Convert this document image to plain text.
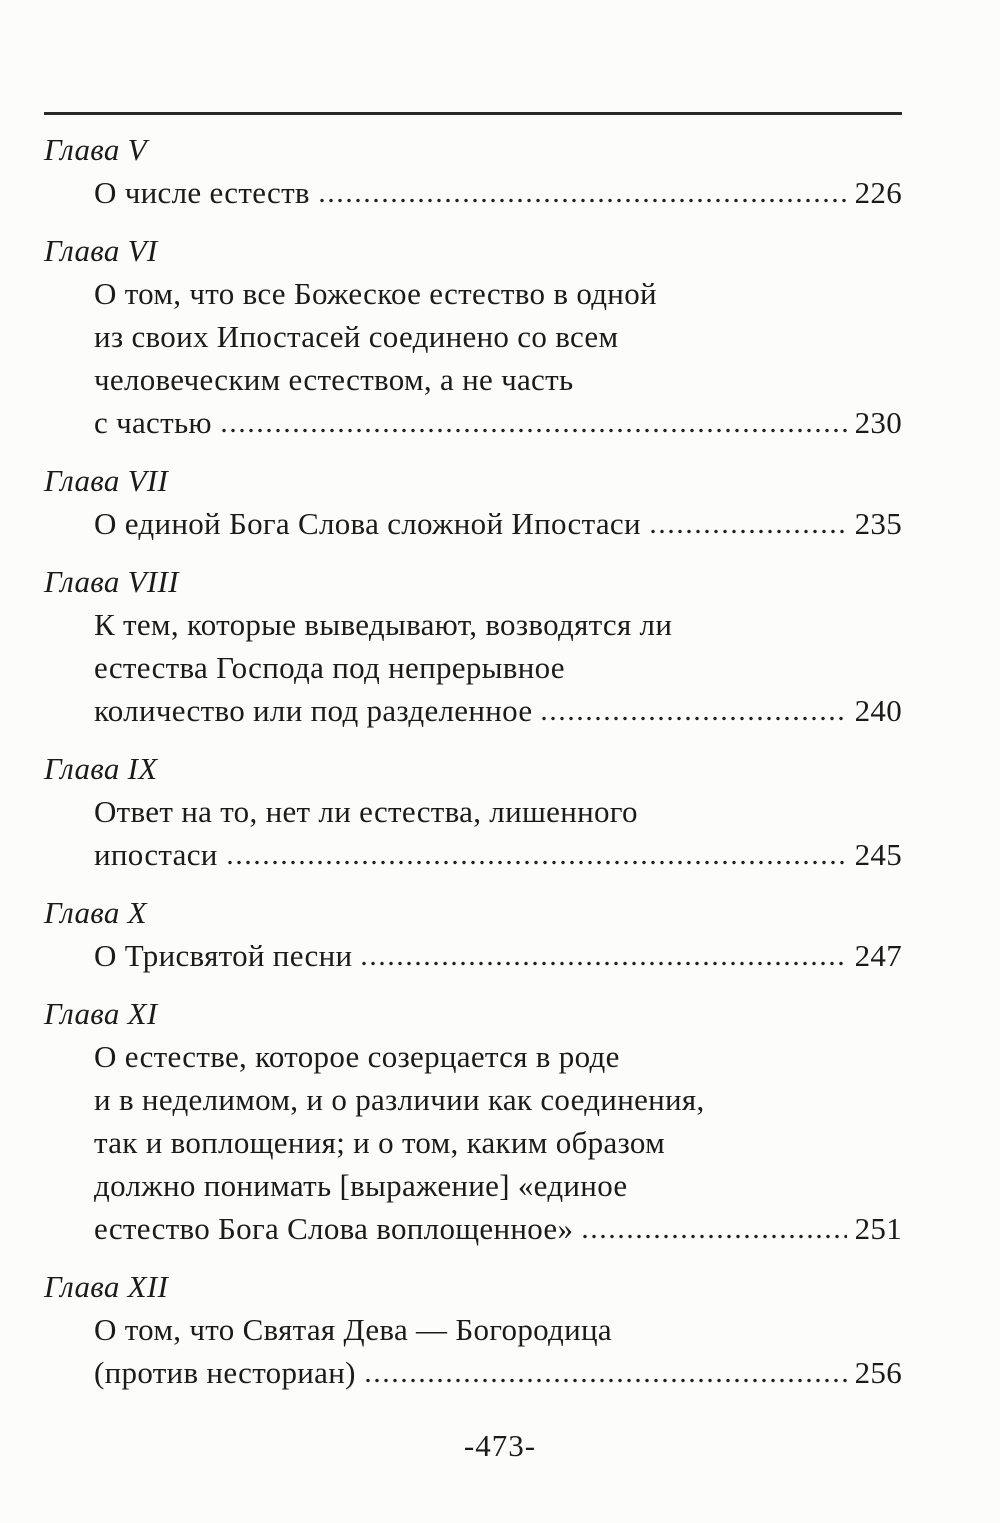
Глава V
О числе естеств	226
Глава VI
О том, что все Божеское естество в одной
из своих Ипостасей соединено со всем
человеческим естеством, а не часть
с частью	230
Глава VII
О единой Бога Слова сложной Ипостаси	235
Глава VIII
К тем, которые выведывают, возводятся ли
естества Господа под непрерывное
количество или под разделенное	240
Глава IX
Ответ на то, нет ли естества, лишенного
ипостаси	245
Глава X
О Трисвятой песни	247
Глава XI
О естестве, которое созерцается в роде
и в неделимом, и о различии как соединения,
так и воплощения; и о том, каким образом
должно понимать [выражение] «единое
естество Бога Слова воплощенное»	251
Глава XII
О том, что Святая Дева — Богородица
(против несториан)	256
-473-
